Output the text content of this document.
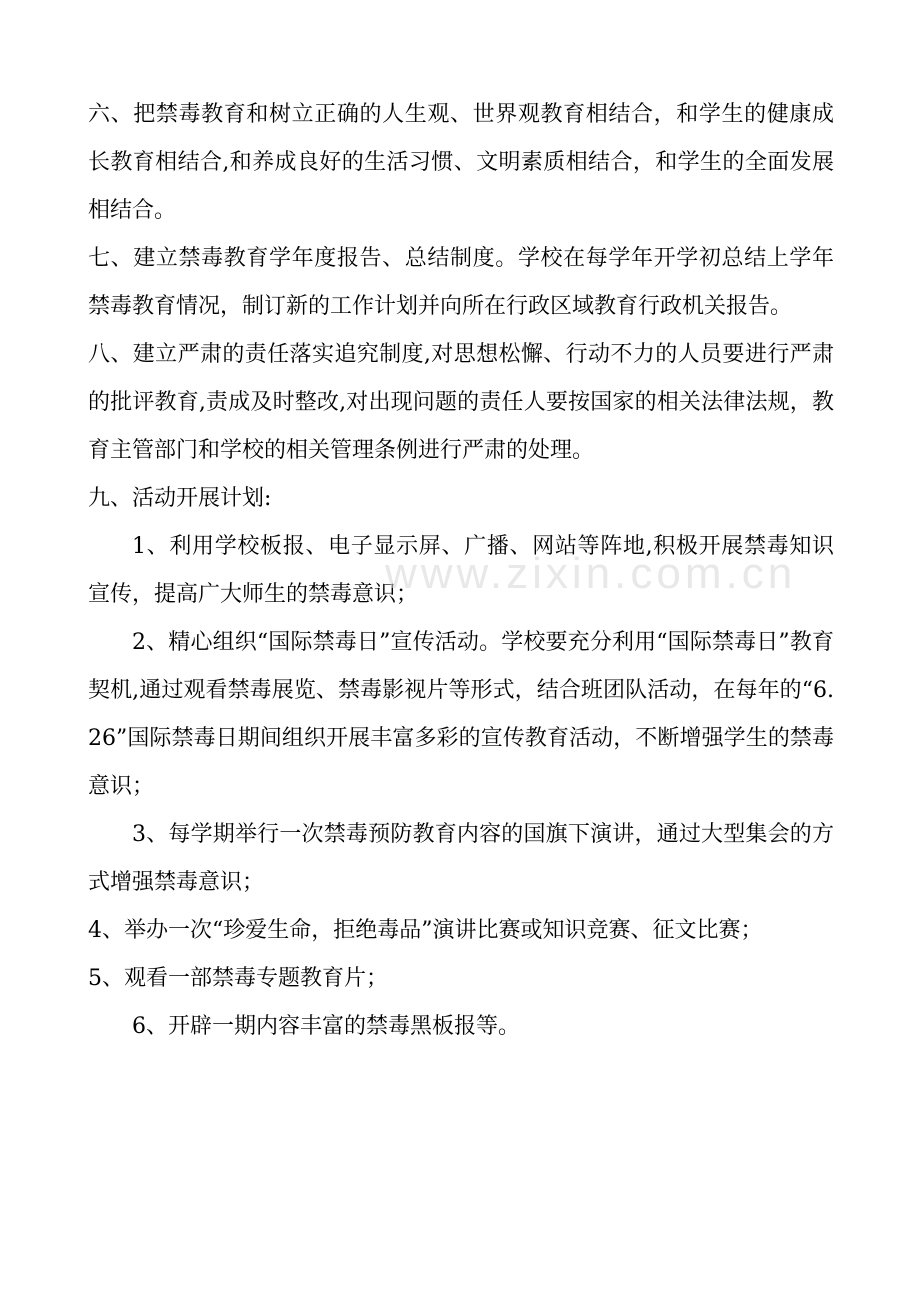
六、把禁毒教育和树立正确的人生观、世界观教育相结合，和学生的健康成长教育相结合,和养成良好的生活习惯、文明素质相结合，和学生的全面发展相结合。

七、建立禁毒教育学年度报告、总结制度。学校在每学年开学初总结上学年禁毒教育情况，制订新的工作计划并向所在行政区域教育行政机关报告。

八、建立严肃的责任落实追究制度,对思想松懈、行动不力的人员要进行严肃的批评教育,责成及时整改,对出现问题的责任人要按国家的相关法律法规，教育主管部门和学校的相关管理条例进行严肃的处理。

九、活动开展计划:

1、利用学校板报、电子显示屏、广播、网站等阵地,积极开展禁毒知识宣传，提高广大师生的禁毒意识；

2、精心组织“国际禁毒日”宣传活动。学校要充分利用“国际禁毒日”教育契机,通过观看禁毒展览、禁毒影视片等形式，结合班团队活动，在每年的“6.26”国际禁毒日期间组织开展丰富多彩的宣传教育活动，不断增强学生的禁毒意识；

3、每学期举行一次禁毒预防教育内容的国旗下演讲，通过大型集会的方式增强禁毒意识；

4、举办一次“珍爱生命，拒绝毒品”演讲比赛或知识竞赛、征文比赛；

5、观看一部禁毒专题教育片；

6、开辟一期内容丰富的禁毒黑板报等。

www.zixin.com.cn
